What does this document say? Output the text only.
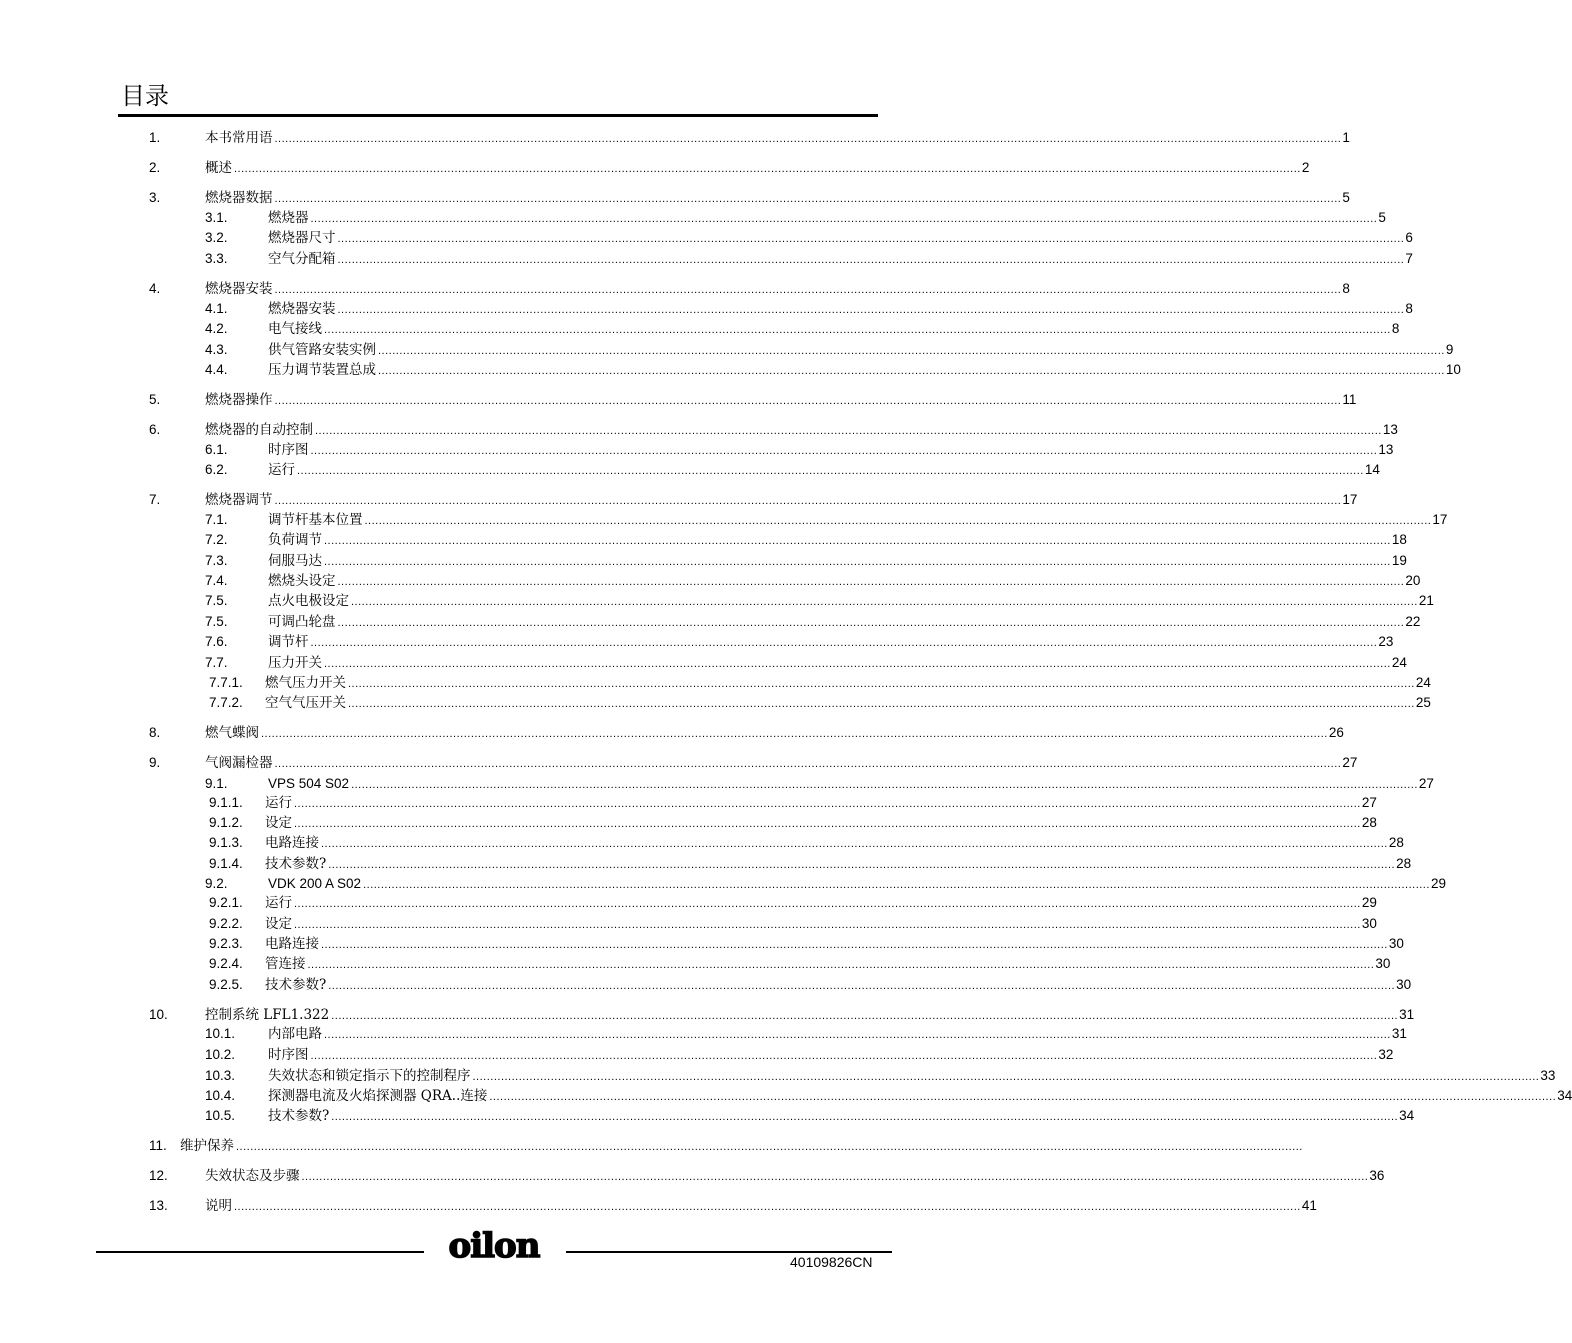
目录
1.	本书常用语 ............................................................................................................................................................................................................................................................................................................ 1
2.	概述 ............................................................................................................................................................................................................................................................................................................ 2
3.	燃烧器数据 ............................................................................................................................................................................................................................................................................................................ 5
3.1.	燃烧器 ............................................................................................................................................................................................................................................................................................................ 5
3.2.	燃烧器尺寸 ............................................................................................................................................................................................................................................................................................................ 6
3.3.	空气分配箱 ............................................................................................................................................................................................................................................................................................................ 7
4.	燃烧器安装 ............................................................................................................................................................................................................................................................................................................ 8
4.1.	燃烧器安装 ............................................................................................................................................................................................................................................................................................................ 8
4.2.	电气接线 ............................................................................................................................................................................................................................................................................................................ 8
4.3.	供气管路安装实例 ............................................................................................................................................................................................................................................................................................................ 9
4.4.	压力调节装置总成 ............................................................................................................................................................................................................................................................................................................ 10
5.	燃烧器操作 ............................................................................................................................................................................................................................................................................................................ 11
6.	燃烧器的自动控制 ............................................................................................................................................................................................................................................................................................................ 13
6.1.	时序图 ............................................................................................................................................................................................................................................................................................................ 13
6.2.	运行 ............................................................................................................................................................................................................................................................................................................ 14
7.	燃烧器调节 ............................................................................................................................................................................................................................................................................................................ 17
7.1.	调节杆基本位置 ............................................................................................................................................................................................................................................................................................................ 17
7.2.	负荷调节 ............................................................................................................................................................................................................................................................................................................ 18
7.3.	伺服马达 ............................................................................................................................................................................................................................................................................................................ 19
7.4.	燃烧头设定 ............................................................................................................................................................................................................................................................................................................ 20
7.5.	点火电极设定 ............................................................................................................................................................................................................................................................................................................ 21
7.5.	可调凸轮盘 ............................................................................................................................................................................................................................................................................................................ 22
7.6.	调节杆 ............................................................................................................................................................................................................................................................................................................ 23
7.7.	压力开关 ............................................................................................................................................................................................................................................................................................................ 24
7.7.1. 燃气压力开关 ............................................................................................................................................................................................................................................................................................................ 24
7.7.2. 空气气压开关 ............................................................................................................................................................................................................................................................................................................ 25
8.	燃气蝶阀 ............................................................................................................................................................................................................................................................................................................ 26
9.	气阀漏检器 ............................................................................................................................................................................................................................................................................................................ 27
9.1.	VPS 504 S02 ............................................................................................................................................................................................................................................................................................................ 27
9.1.1. 运行 ............................................................................................................................................................................................................................................................................................................ 27
9.1.2. 设定 ............................................................................................................................................................................................................................................................................................................ 28
9.1.3. 电路连接 ............................................................................................................................................................................................................................................................................................................ 28
9.1.4. 技术参数? ............................................................................................................................................................................................................................................................................................................ 28
9.2.	VDK 200 A S02 ............................................................................................................................................................................................................................................................................................................ 29
9.2.1. 运行 ............................................................................................................................................................................................................................................................................................................ 29
9.2.2. 设定 ............................................................................................................................................................................................................................................................................................................ 30
9.2.3. 电路连接 ............................................................................................................................................................................................................................................................................................................ 30
9.2.4. 管连接 ............................................................................................................................................................................................................................................................................................................ 30
9.2.5. 技术参数? ............................................................................................................................................................................................................................................................................................................ 30
10.	控制系统 LFL1.322 ............................................................................................................................................................................................................................................................................................................ 31
10.1. 内部电路 ............................................................................................................................................................................................................................................................................................................ 31
10.2. 时序图 ............................................................................................................................................................................................................................................................................................................ 32
10.3. 失效状态和锁定指示下的控制程序 ............................................................................................................................................................................................................................................................................................................ 33
10.4. 探测器电流及火焰探测器 QRA..连接 ............................................................................................................................................................................................................................................................................................................ 34
10.5. 技术参数? ............................................................................................................................................................................................................................................................................................................ 34
11. 维护保养 ............................................................................................................................................................................................................................................................................................................
12.	失效状态及步骤 ............................................................................................................................................................................................................................................................................................................ 36
13.	说明 ............................................................................................................................................................................................................................................................................................................ 41
oilon	40109826CN
